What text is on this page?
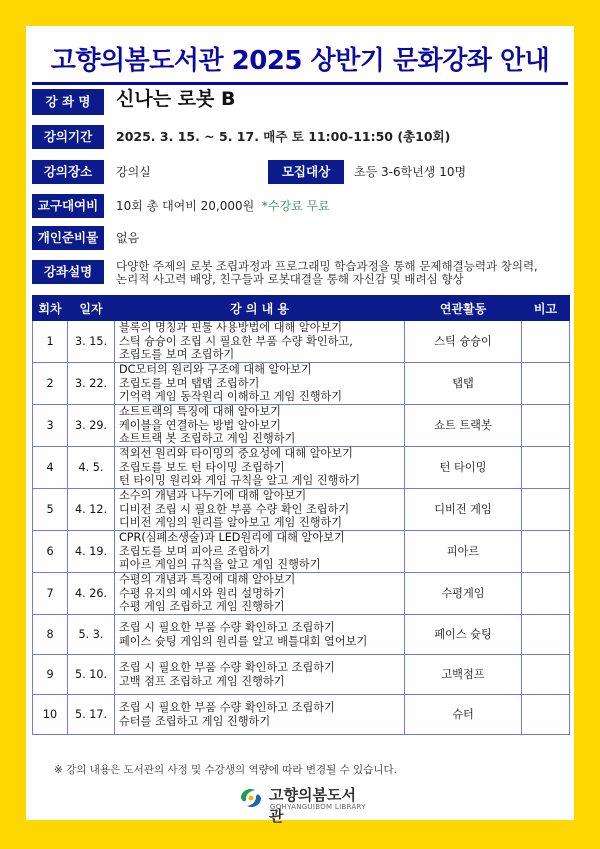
고향의봄도서관 2025 상반기 문화강좌 안내
강 좌 명	신나는 로봇 B
강의기간	2025. 3. 15. ~ 5. 17. 매주 토 11:00-11:50 (총10회)
강의장소	강의실	모집대상	초등 3-6학년생 10명
교구대여비	10회 총 대여비 20,000원 *수강료 무료
개인준비물	없음
강좌설명	다양한 주제의 로봇 조립과정과 프로그래밍 학습과정을 통해 문제해결능력과 창의력,
논리적 사고력 배양, 친구들과 로봇대결을 통해 자신감 및 배려심 향상
회차	일자	강 의 내 용	연관활동	비고
1	3. 15.	블록의 명칭과 핀툴 사용방법에 대해 알아보기
스틱 슝슝이 조립 시 필요한 부품 수량 확인하고,
조립도를 보며 조립하기	스틱 슝슝이	
2	3. 22.	DC모터의 원리와 구조에 대해 알아보기
조립도를 보며 탭탭 조립하기
기억력 게임 동작원리 이해하고 게임 진행하기	탭탭	
3	3. 29.	쇼트트랙의 특징에 대해 알아보기
케이블을 연결하는 방법 알아보기
쇼트트랙 봇 조립하고 게임 진행하기	쇼트 트랙봇	
4	4. 5.	적외선 원리와 타이밍의 중요성에 대해 알아보기
조립도를 보도 턴 타이밍 조립하기
턴 타이밍 원리와 게임 규칙을 알고 게임 진행하기	턴 타이밍	
5	4. 12.	소수의 개념과 나누기에 대해 알아보기
디비전 조립 시 필요한 부품 수량 확인 조립하기
디비전 게임의 원리를 알아보고 게임 진행하기	디비전 게임	
6	4. 19.	CPR(심폐소생술)과 LED원리에 대해 알아보기
조립도를 보며 피아르 조립하기
피아르 게임의 규칙을 알고 게임 진행하기	피아르	
7	4. 26.	수평의 개념과 특징에 대해 알아보기
수평 유지의 예시와 원리 설명하기
수평 게임 조립하고 게임 진행하기	수평게임	
8	5. 3.	조립 시 필요한 부품 수량 확인하고 조립하기
페이스 슛팅 게임의 원리를 알고 배틀대회 열어보기	페이스 슛팅	
9	5. 10.	조립 시 필요한 부품 수량 확인하고 조립하기
고백 점프 조립하고 게임 진행하기	고백점프	
10	5. 17.	조립 시 필요한 부품 수량 확인하고 조립하기
슈터를 조립하고 게임 진행하기	슈터	
※ 강의 내용은 도서관의 사정 및 수강생의 역량에 따라 변경될 수 있습니다.
고향의봄도서관
GOHYANGUIBOM LIBRARY
